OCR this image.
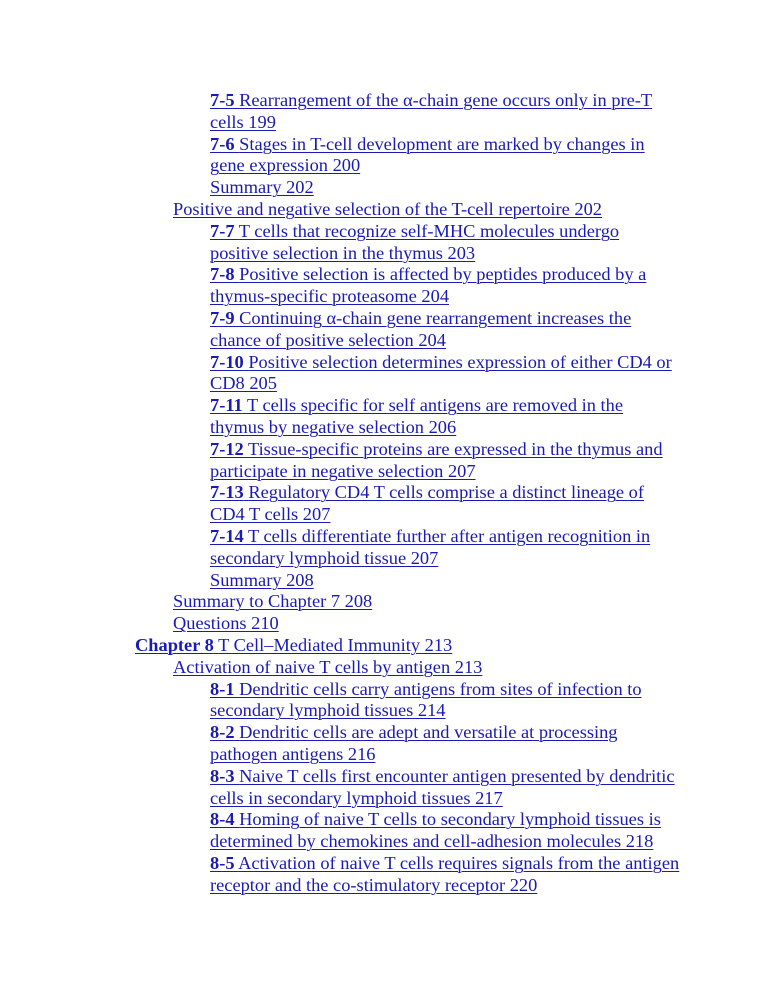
7-5 Rearrangement of the α-chain gene occurs only in pre-T cells 199
7-6 Stages in T-cell development are marked by changes in gene expression 200
Summary 202
Positive and negative selection of the T-cell repertoire 202
7-7 T cells that recognize self-MHC molecules undergo positive selection in the thymus 203
7-8 Positive selection is affected by peptides produced by a thymus-specific proteasome 204
7-9 Continuing α-chain gene rearrangement increases the chance of positive selection 204
7-10 Positive selection determines expression of either CD4 or CD8 205
7-11 T cells specific for self antigens are removed in the thymus by negative selection 206
7-12 Tissue-specific proteins are expressed in the thymus and participate in negative selection 207
7-13 Regulatory CD4 T cells comprise a distinct lineage of CD4 T cells 207
7-14 T cells differentiate further after antigen recognition in secondary lymphoid tissue 207
Summary 208
Summary to Chapter 7 208
Questions 210
Chapter 8 T Cell–Mediated Immunity 213
Activation of naive T cells by antigen 213
8-1 Dendritic cells carry antigens from sites of infection to secondary lymphoid tissues 214
8-2 Dendritic cells are adept and versatile at processing pathogen antigens 216
8-3 Naive T cells first encounter antigen presented by dendritic cells in secondary lymphoid tissues 217
8-4 Homing of naive T cells to secondary lymphoid tissues is determined by chemokines and cell-adhesion molecules 218
8-5 Activation of naive T cells requires signals from the antigen receptor and the co-stimulatory receptor 220
